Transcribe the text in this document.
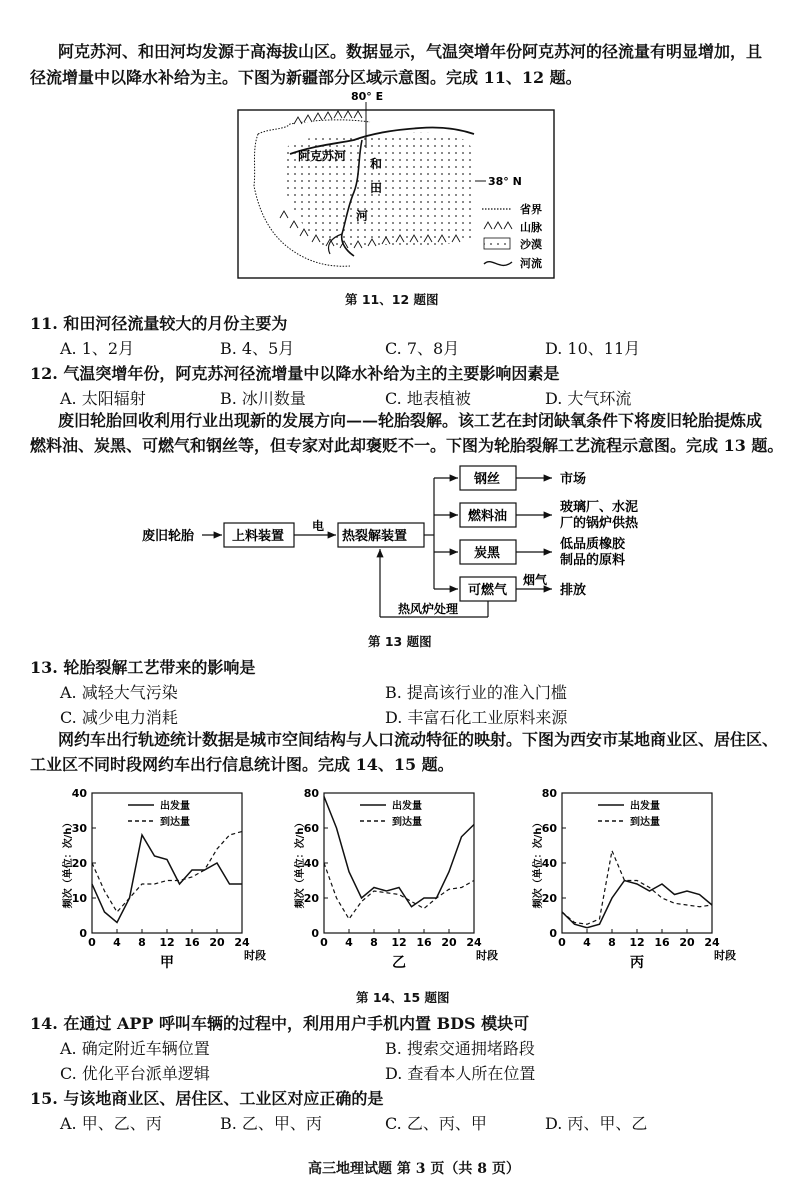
阿克苏河、和田河均发源于高海拔山区。数据显示，气温突增年份阿克苏河的径流量有明显增加，且
径流增量中以降水补给为主。下图为新疆部分区域示意图。完成 11、12 题。
80° E
38° N
阿克苏河
和
田
河	省界
山脉
沙漠
河流
第 11、12 题图
11. 和田河径流量较大的月份主要为
A. 1、2月	B. 4、5月	C. 7、8月	D. 10、11月
12. 气温突增年份，阿克苏河径流增量中以降水补给为主的主要影响因素是
A. 太阳辐射	B. 冰川数量	C. 地表植被	D. 大气环流
废旧轮胎回收利用行业出现新的发展方向——轮胎裂解。该工艺在封闭缺氧条件下将废旧轮胎提炼成
燃料油、炭黑、可燃气和钢丝等，但专家对此却褒贬不一。下图为轮胎裂解工艺流程示意图。完成 13 题。
废旧轮胎	上料装置
电
热裂解装置
钢丝
燃料油
炭黑
可燃气
市场
玻璃厂、水泥
厂的锅炉供热
低品质橡胶
制品的原料
排放
烟气
热风炉处理
第 13 题图
13. 轮胎裂解工艺带来的影响是
A. 减轻大气污染	B. 提高该行业的准入门槛
C. 减少电力消耗	D. 丰富石化工业原料来源
网约车出行轨迹统计数据是城市空间结构与人口流动特征的映射。下图为西安市某地商业区、居住区、
工业区不同时段网约车出行信息统计图。完成 14、15 题。
0
10
20
30
40
0 4 8 12 16 20 24
频次（单位：次/h）
时段
甲
出发量
到达量
0
20
40
60
80
0 4 8 12 16 20 24
频次（单位：次/h）
时段
乙
出发量
到达量
0
20
40
60
80
0 4 8 12 16 20 24
频次（单位：次/h）
时段
丙
出发量
到达量
第 14、15 题图
14. 在通过 APP 呼叫车辆的过程中，利用用户手机内置 BDS 模块可
A. 确定附近车辆位置	B. 搜索交通拥堵路段
C. 优化平台派单逻辑	D. 查看本人所在位置
15. 与该地商业区、居住区、工业区对应正确的是
A. 甲、乙、丙	B. 乙、甲、丙	C. 乙、丙、甲	D. 丙、甲、乙
高三地理试题 第 3 页（共 8 页）
